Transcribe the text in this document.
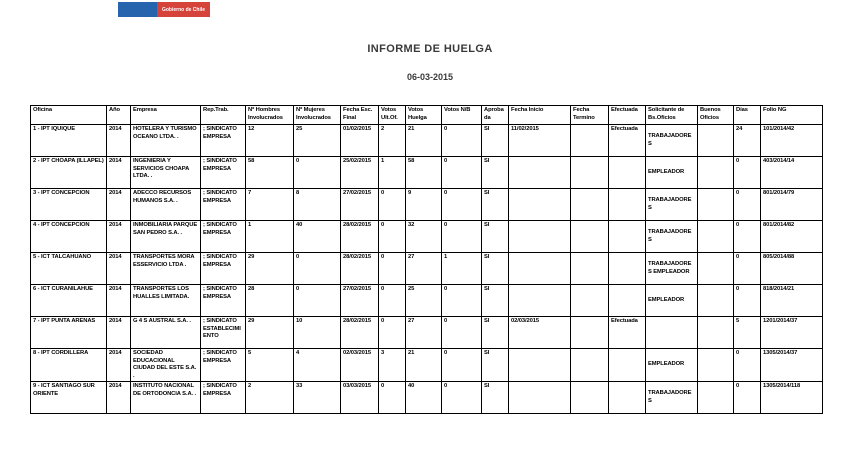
Gobierno de Chile
INFORME DE HUELGA
06-03-2015
Oficina	Año	Empresa	Rep.Trab.	Nº Hombres Involucrados	Nº Mujeres Involucrados	Fecha Esc. Final	Votos Ult.Of.	Votos Huelga	Votos N/B	Aprobada	Fecha Inicio	Fecha Termino	Efectuada	Solicitante de Bs.Oficios	Buenos Oficios	Días	Folio NG
1 - IPT IQUIQUE	2014	HOTELERA Y TURISMO OCEANO LTDA. .	; SINDICATO EMPRESA	12	25	01/02/2015	2	21	0	SI	11/02/2015		Efectuada	TRABAJADORES		24	101/2014/42
2 - IPT CHOAPA (ILLAPEL)	2014	INGENIERIA Y SERVICIOS CHOAPA LTDA. .	; SINDICATO EMPRESA	58	0	25/02/2015	1	58	0	SI				EMPLEADOR		0	403/2014/14
3 - IPT CONCEPCION	2014	ADECCO RECURSOS HUMANOS S.A. .	; SINDICATO EMPRESA	7	8	27/02/2015	0	9	0	SI				TRABAJADORES		0	801/2014/79
4 - IPT CONCEPCION	2014	INMOBILIARIA PARQUE SAN PEDRO S.A. .	; SINDICATO EMPRESA	1	40	28/02/2015	0	32	0	SI				TRABAJADORES		0	801/2014/82
5 - ICT TALCAHUANO	2014	TRANSPORTES MORA ESSERVICIO LTDA .	; SINDICATO EMPRESA	29	0	28/02/2015	0	27	1	SI				TRABAJADORES EMPLEADOR		0	805/2014/88
6 - ICT CURANILAHUE	2014	TRANSPORTES LOS HUALLES LIMITADA.	; SINDICATO EMPRESA	28	0	27/02/2015	0	25	0	SI				EMPLEADOR		0	818/2014/21
7 - IPT PUNTA ARENAS	2014	G 4 S AUSTRAL S.A. .	; SINDICATO ESTABLECIMIENTO	29	10	28/02/2015	0	27	0	SI	02/03/2015		Efectuada			5	1201/2014/37
8 - IPT CORDILLERA	2014	SOCIEDAD EDUCACIONAL CIUDAD DEL ESTE S.A. .	; SINDICATO EMPRESA	5	4	02/03/2015	3	21	0	SI				EMPLEADOR		0	1305/2014/37
9 - ICT SANTIAGO SUR ORIENTE	2014	INSTITUTO NACIONAL DE ORTODONCIA S.A. .	; SINDICATO EMPRESA	2	33	03/03/2015	0	40	0	SI				TRABAJADORES		0	1305/2014/118
